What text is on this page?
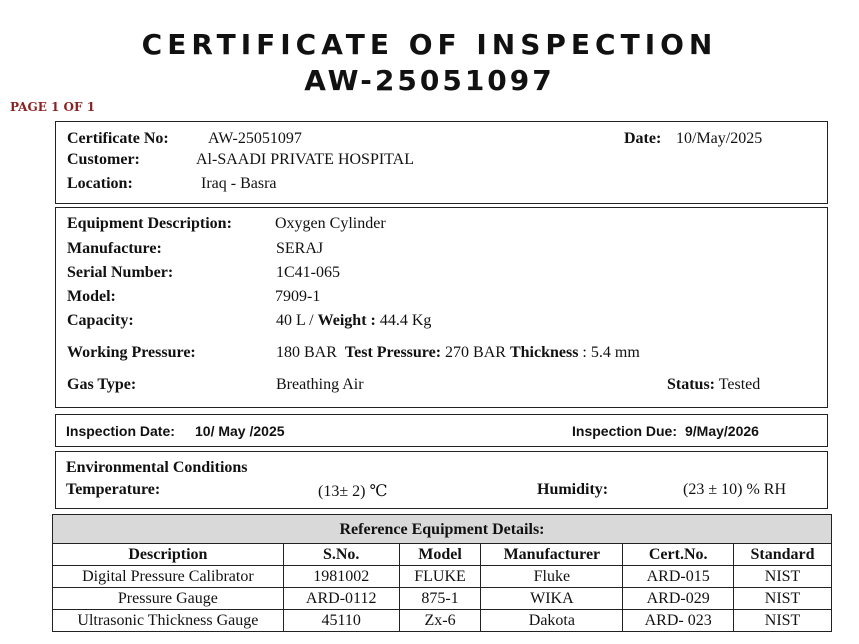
CERTIFICATE OF INSPECTION
AW-25051097
PAGE 1 OF 1
Certificate No: AW-25051097	Date: 10/May/2025
Customer:	Al-SAADI PRIVATE HOSPITAL
Location:	Iraq - Basra
Equipment Description:	Oxygen Cylinder
Manufacture:	SERAJ
Serial Number:	1C41-065
Model:	7909-1
Capacity:	40 L / Weight : 44.4 Kg
Working Pressure:	180 BAR Test Pressure: 270 BAR Thickness : 5.4 mm
Gas Type:	Breathing Air	Status: Tested
Inspection Date: 10/ May /2025	Inspection Due: 9/May/2026
Environmental Conditions
Temperature:	(13± 2) ℃	Humidity:	(23 ± 10) % RH
Reference Equipment Details:					
Description	S.No.	Model	Manufacturer	Cert.No.	Standard
Digital Pressure Calibrator	1981002	FLUKE	Fluke	ARD-015	NIST
Pressure Gauge	ARD-0112	875-1	WIKA	ARD-029	NIST
Ultrasonic Thickness Gauge	45110	Zx-6	Dakota	ARD- 023	NIST
